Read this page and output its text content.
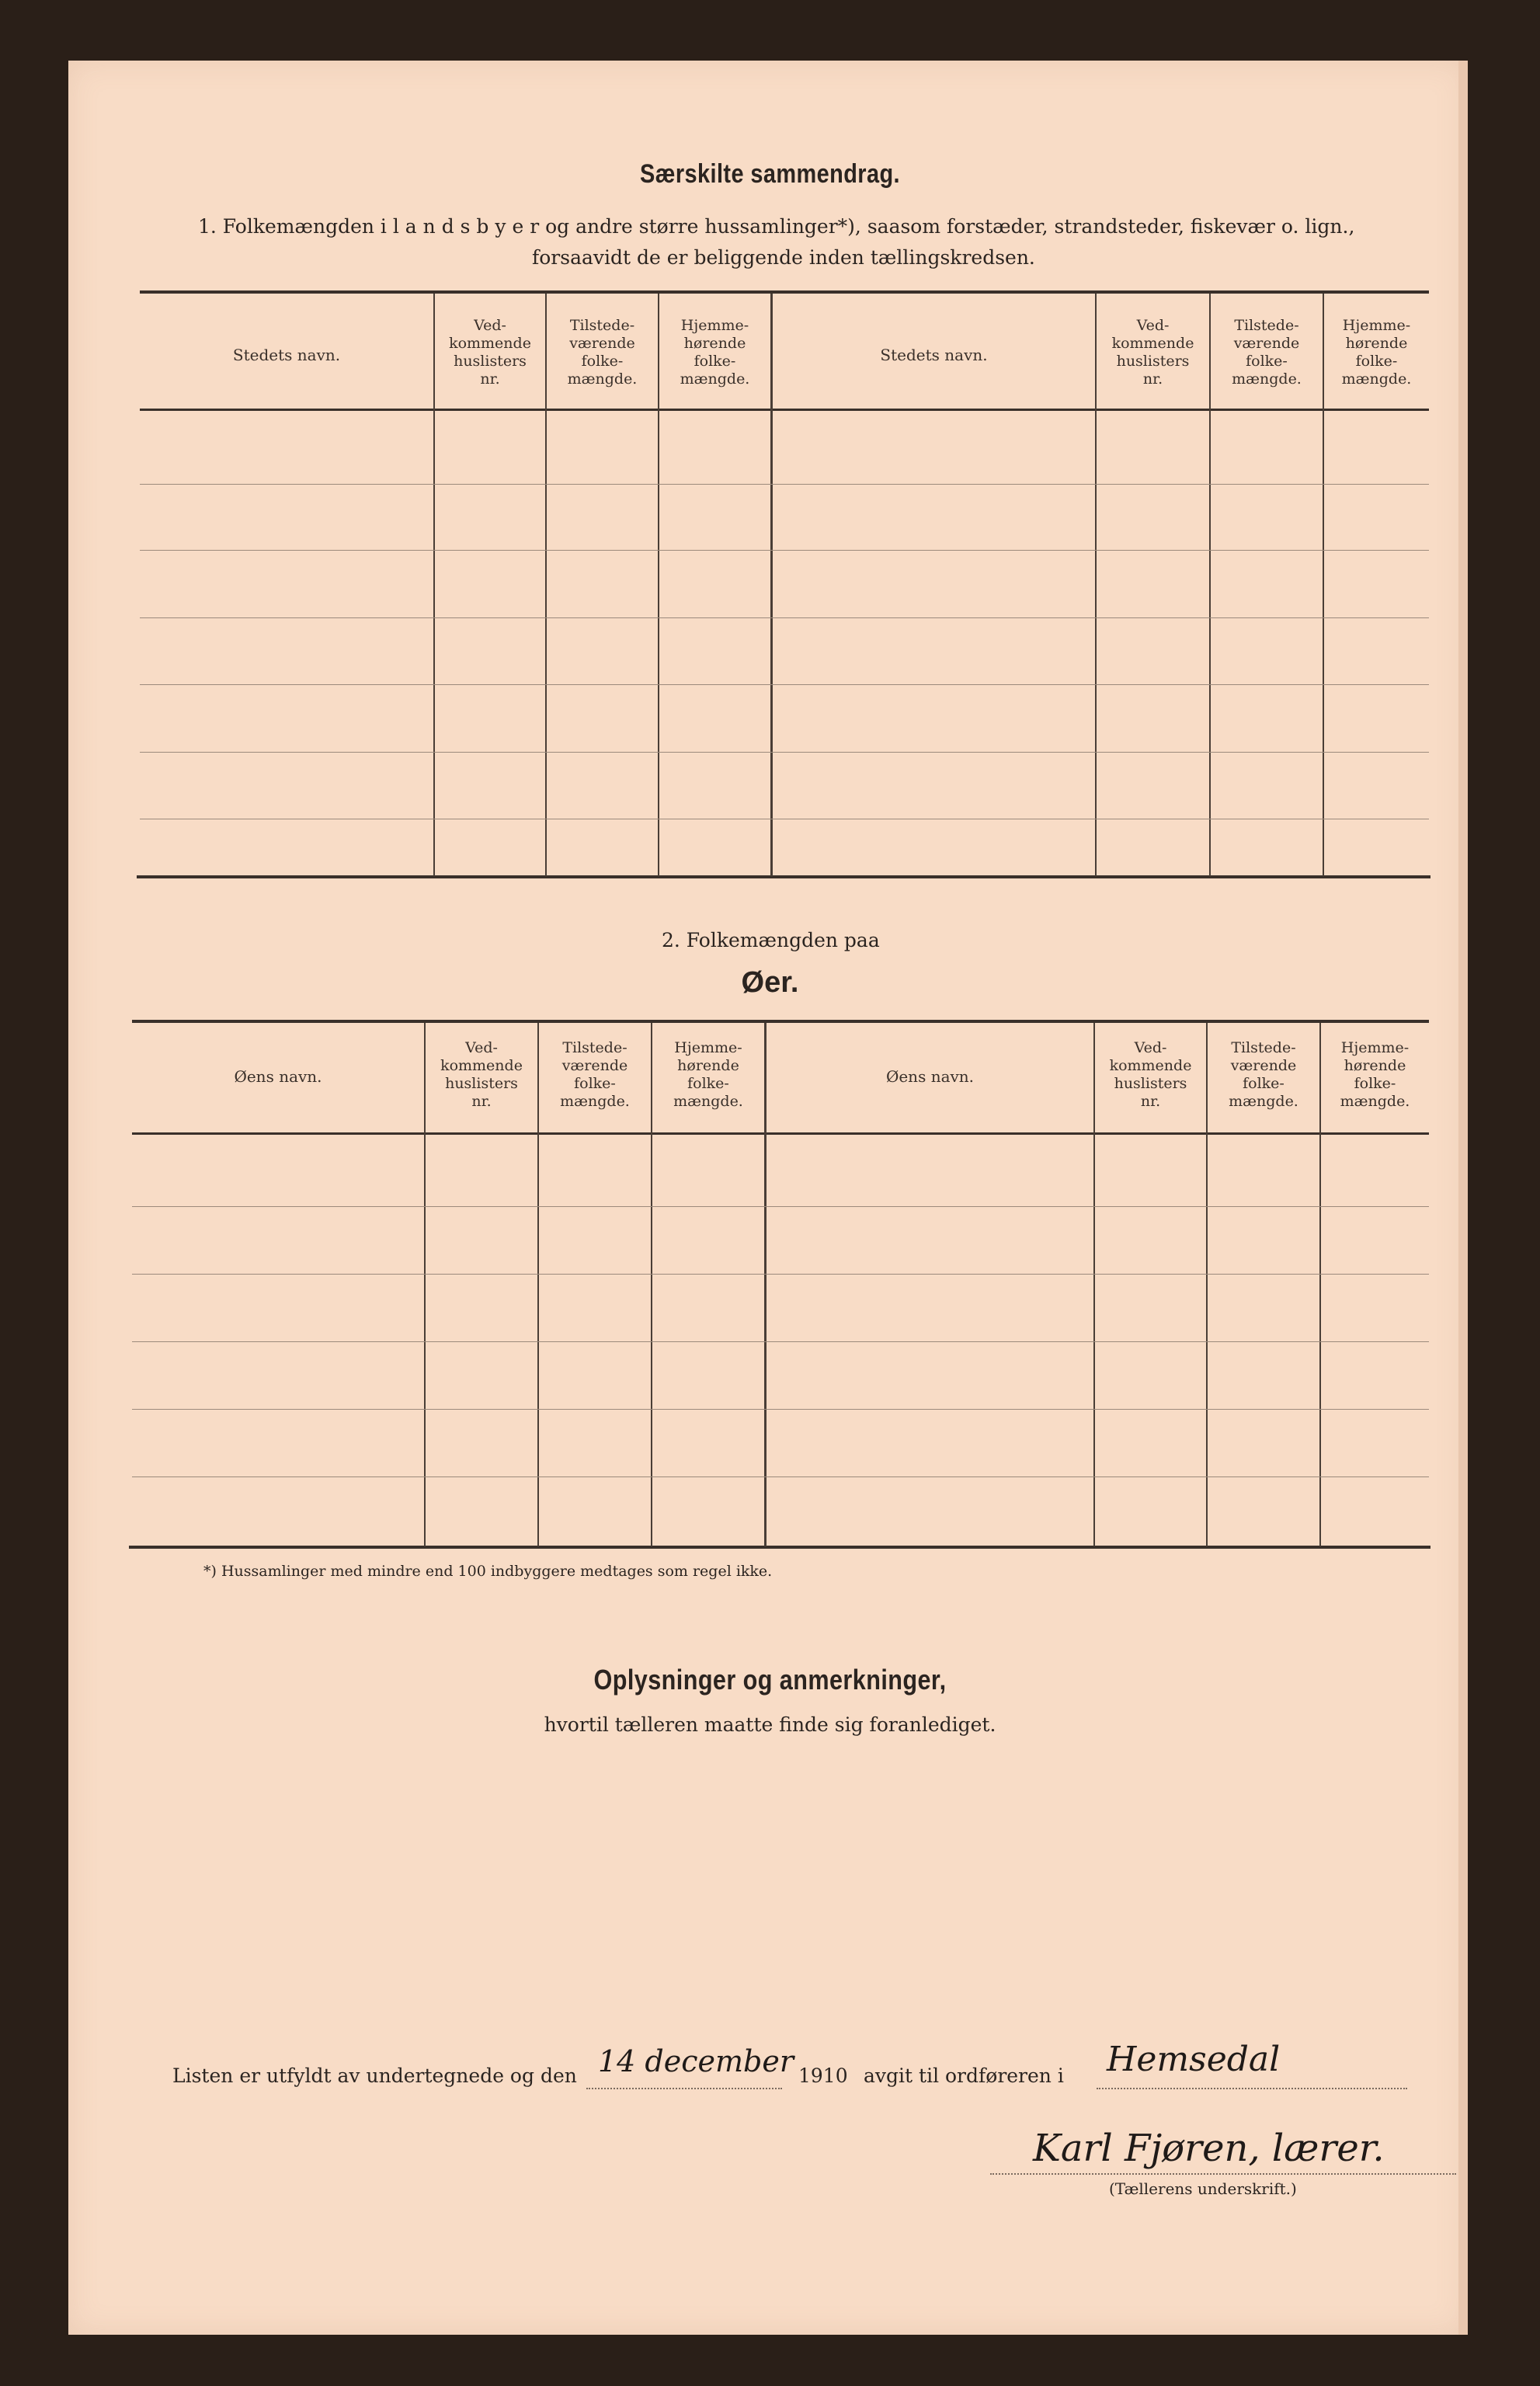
Særskilte sammendrag.
1. Folkemængden i l a n d s b y e r og andre større hussamlinger*), saasom forstæder, strandsteder, fiskevær o. lign.,
forsaavidt de er beliggende inden tællingskredsen.
Stedets navn.
Ved-
kommende
huslisters
nr.
Tilstede-
værende
folke-
mængde.
Hjemme-
hørende
folke-
mængde.
Stedets navn.
Ved-
kommende
huslisters
nr.
Tilstede-
værende
folke-
mængde.
Hjemme-
hørende
folke-
mængde.
2. Folkemængden paa
Øer.
Øens navn.
Ved-
kommende
huslisters
nr.
Tilstede-
værende
folke-
mængde.
Hjemme-
hørende
folke-
mængde.
Øens navn.
Ved-
kommende
huslisters
nr.
Tilstede-
værende
folke-
mængde.
Hjemme-
hørende
folke-
mængde.
*) Hussamlinger med mindre end 100 indbyggere medtages som regel ikke.
Oplysninger og anmerkninger,
hvortil tælleren maatte finde sig foranlediget.
Listen er utfyldt av undertegnede og den 14 december 1910 avgit til ordføreren i Hemsedal
Karl Fjøren, lærer.
(Tællerens underskrift.)
